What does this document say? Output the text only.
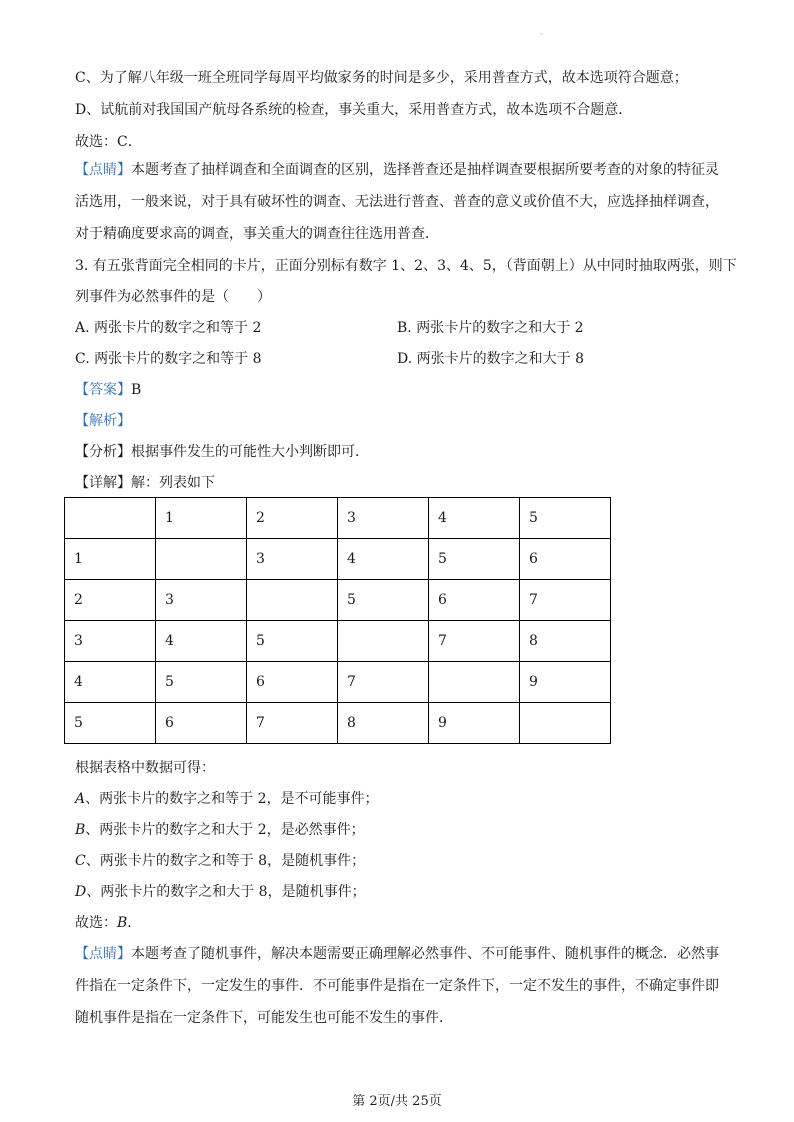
·
C、为了解八年级一班全班同学每周平均做家务的时间是多少，采用普查方式，故本选项符合题意；
D、试航前对我国国产航母各系统的检查，事关重大，采用普查方式，故本选项不合题意．
故选：C．
【点睛】本题考查了抽样调查和全面调查的区别，选择普查还是抽样调查要根据所要考查的对象的特征灵
活选用，一般来说，对于具有破坏性的调查、无法进行普查、普查的意义或价值不大，应选择抽样调查，
对于精确度要求高的调查，事关重大的调查往往选用普查．
3. 有五张背面完全相同的卡片，正面分别标有数字 1、2、3、4、5，（背面朝上）从中同时抽取两张，则下
列事件为必然事件的是（　　）
A. 两张卡片的数字之和等于 2	B. 两张卡片的数字之和大于 2
C. 两张卡片的数字之和等于 8	D. 两张卡片的数字之和大于 8
【答案】B
【解析】
【分析】根据事件发生的可能性大小判断即可．
【详解】解：列表如下
	1	2	3	4	5
1		3	4	5	6
2	3		5	6	7
3	4	5		7	8
4	5	6	7		9
5	6	7	8	9	
根据表格中数据可得：
A、两张卡片的数字之和等于 2，是不可能事件；
B、两张卡片的数字之和大于 2，是必然事件；
C、两张卡片的数字之和等于 8，是随机事件；
D、两张卡片的数字之和大于 8，是随机事件；
故选：B．
【点睛】本题考查了随机事件，解决本题需要正确理解必然事件、不可能事件、随机事件的概念．必然事
件指在一定条件下，一定发生的事件．不可能事件是指在一定条件下，一定不发生的事件，不确定事件即
随机事件是指在一定条件下，可能发生也可能不发生的事件．
第 2页/共 25页
